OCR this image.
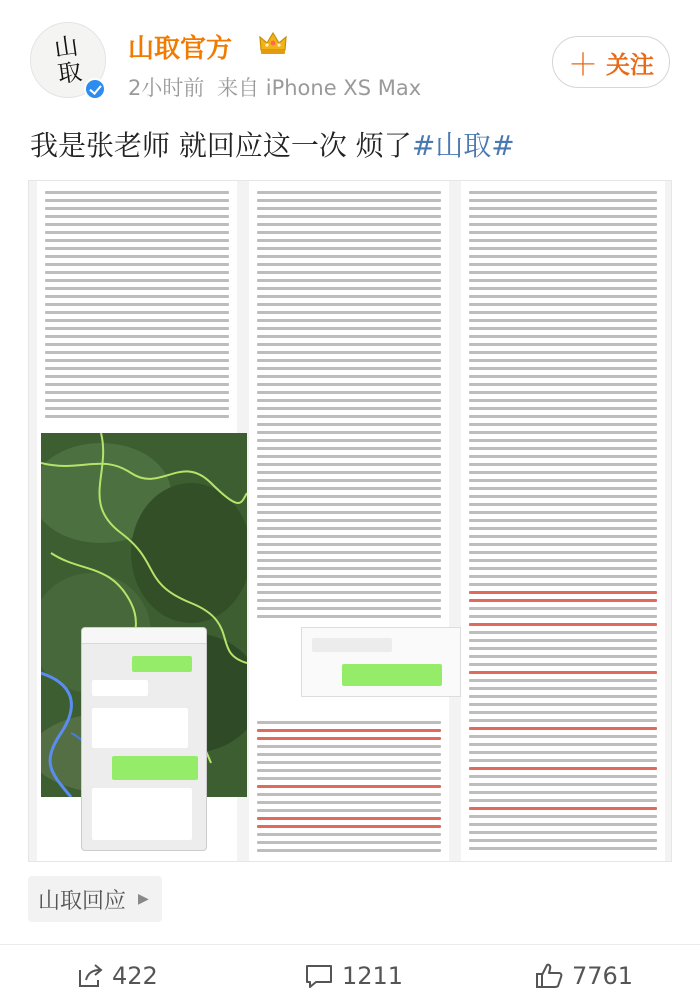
山
取
山取官方
2小时前 来自 iPhone XS Max
＋ 关注
我是张老师 就回应这一次 烦了#山取#
山取回应 ▶
422	1211	7761
